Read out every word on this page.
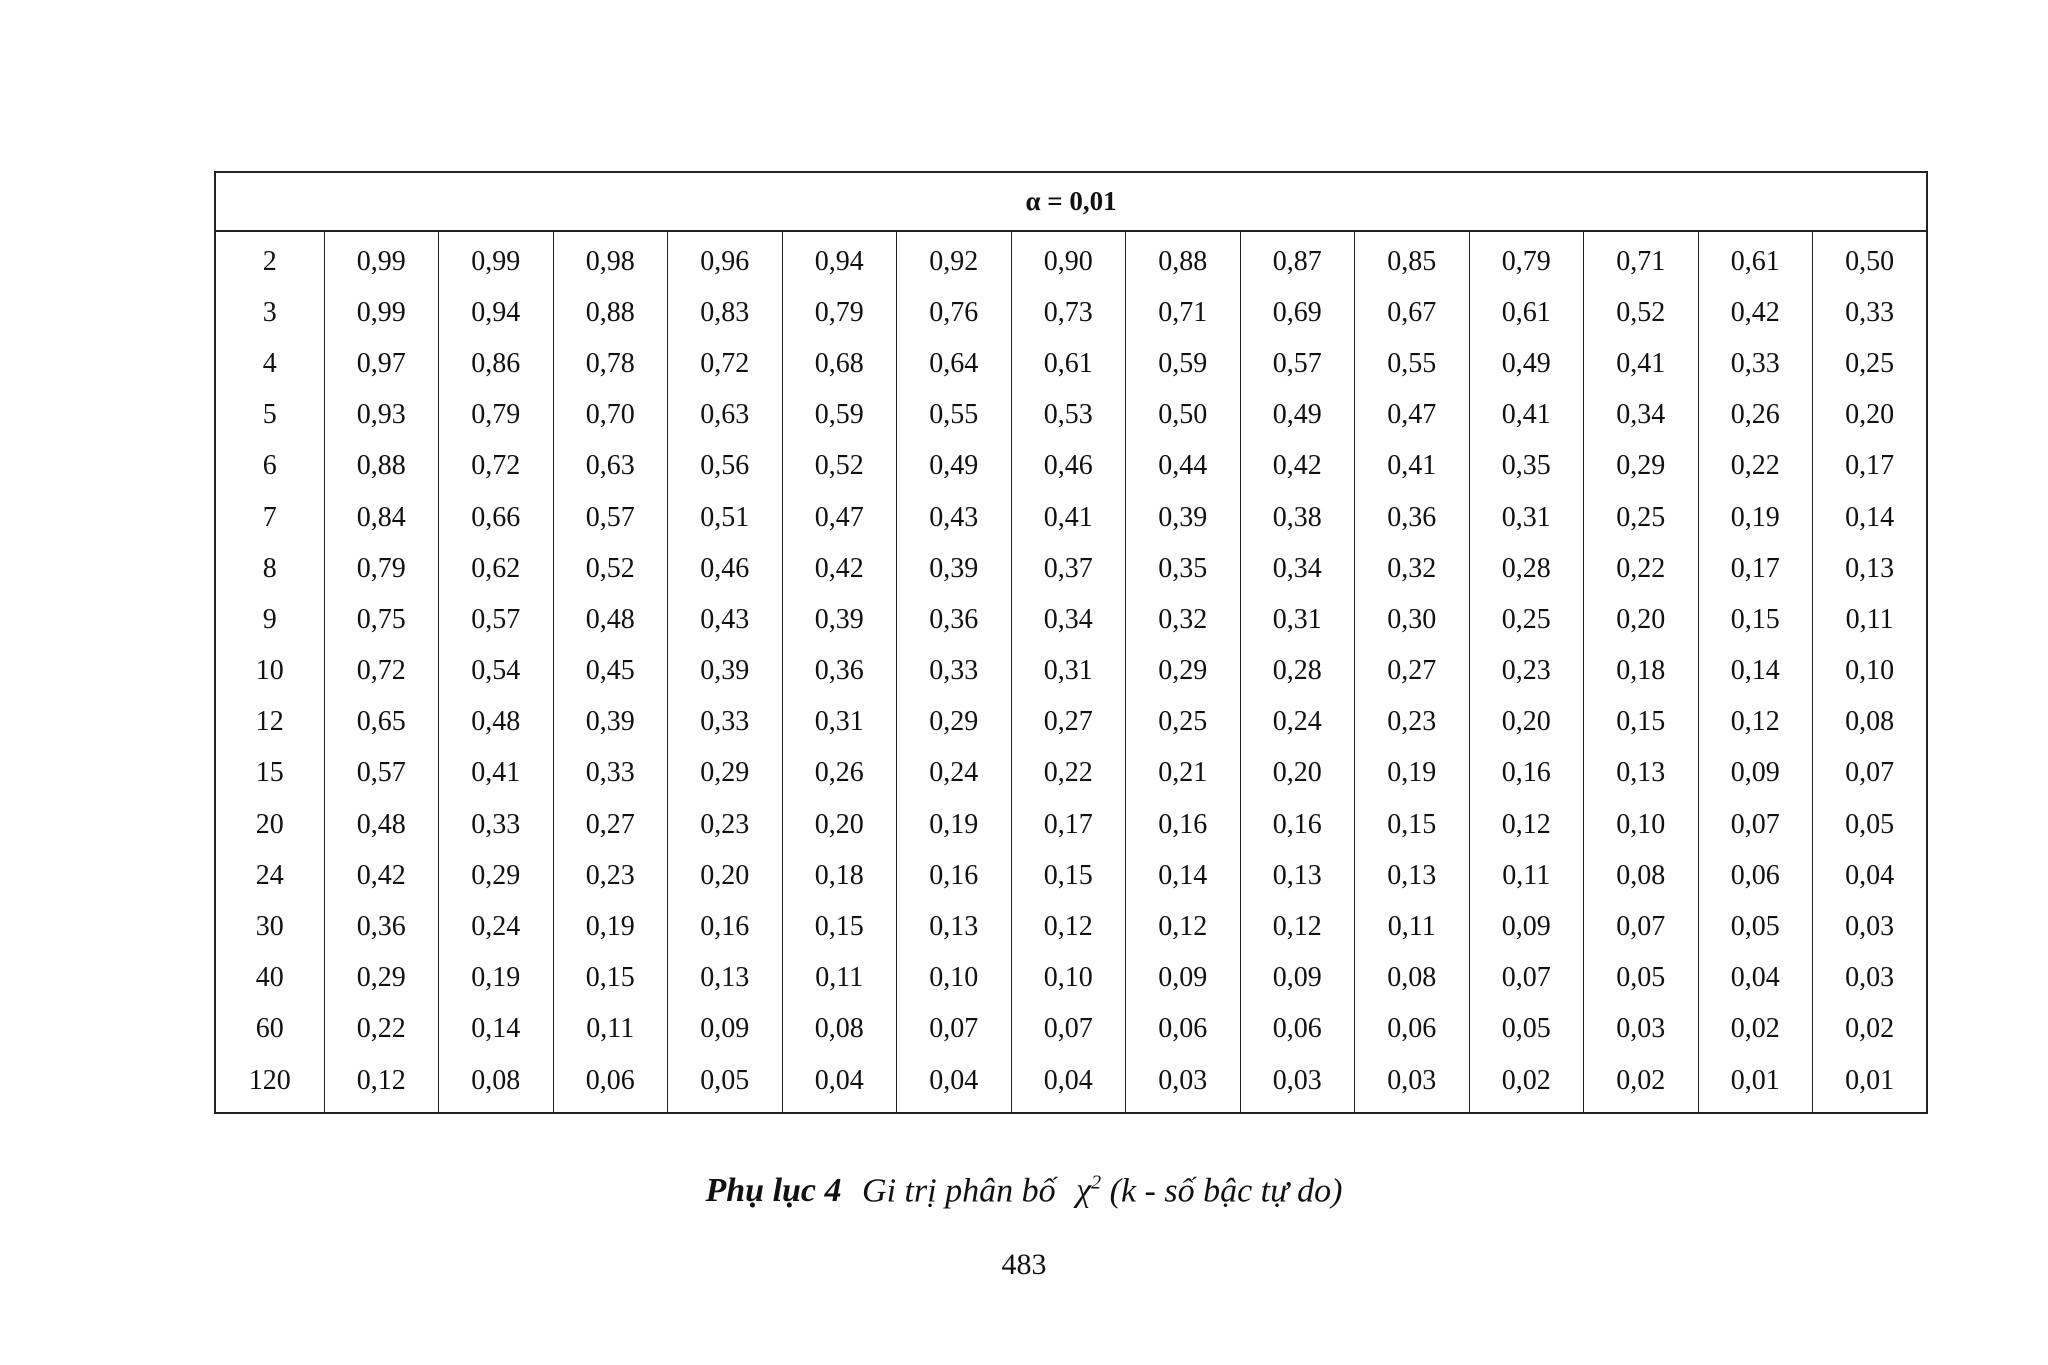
α = 0,01														
2	0,99	0,99	0,98	0,96	0,94	0,92	0,90	0,88	0,87	0,85	0,79	0,71	0,61	0,50
3	0,99	0,94	0,88	0,83	0,79	0,76	0,73	0,71	0,69	0,67	0,61	0,52	0,42	0,33
4	0,97	0,86	0,78	0,72	0,68	0,64	0,61	0,59	0,57	0,55	0,49	0,41	0,33	0,25
5	0,93	0,79	0,70	0,63	0,59	0,55	0,53	0,50	0,49	0,47	0,41	0,34	0,26	0,20
6	0,88	0,72	0,63	0,56	0,52	0,49	0,46	0,44	0,42	0,41	0,35	0,29	0,22	0,17
7	0,84	0,66	0,57	0,51	0,47	0,43	0,41	0,39	0,38	0,36	0,31	0,25	0,19	0,14
8	0,79	0,62	0,52	0,46	0,42	0,39	0,37	0,35	0,34	0,32	0,28	0,22	0,17	0,13
9	0,75	0,57	0,48	0,43	0,39	0,36	0,34	0,32	0,31	0,30	0,25	0,20	0,15	0,11
10	0,72	0,54	0,45	0,39	0,36	0,33	0,31	0,29	0,28	0,27	0,23	0,18	0,14	0,10
12	0,65	0,48	0,39	0,33	0,31	0,29	0,27	0,25	0,24	0,23	0,20	0,15	0,12	0,08
15	0,57	0,41	0,33	0,29	0,26	0,24	0,22	0,21	0,20	0,19	0,16	0,13	0,09	0,07
20	0,48	0,33	0,27	0,23	0,20	0,19	0,17	0,16	0,16	0,15	0,12	0,10	0,07	0,05
24	0,42	0,29	0,23	0,20	0,18	0,16	0,15	0,14	0,13	0,13	0,11	0,08	0,06	0,04
30	0,36	0,24	0,19	0,16	0,15	0,13	0,12	0,12	0,12	0,11	0,09	0,07	0,05	0,03
40	0,29	0,19	0,15	0,13	0,11	0,10	0,10	0,09	0,09	0,08	0,07	0,05	0,04	0,03
60	0,22	0,14	0,11	0,09	0,08	0,07	0,07	0,06	0,06	0,06	0,05	0,03	0,02	0,02
120	0,12	0,08	0,06	0,05	0,04	0,04	0,04	0,03	0,03	0,03	0,02	0,02	0,01	0,01
Phụ lục 4 Gi trị phân bố $\chi^2$ (k - số bậc tự do)
483
